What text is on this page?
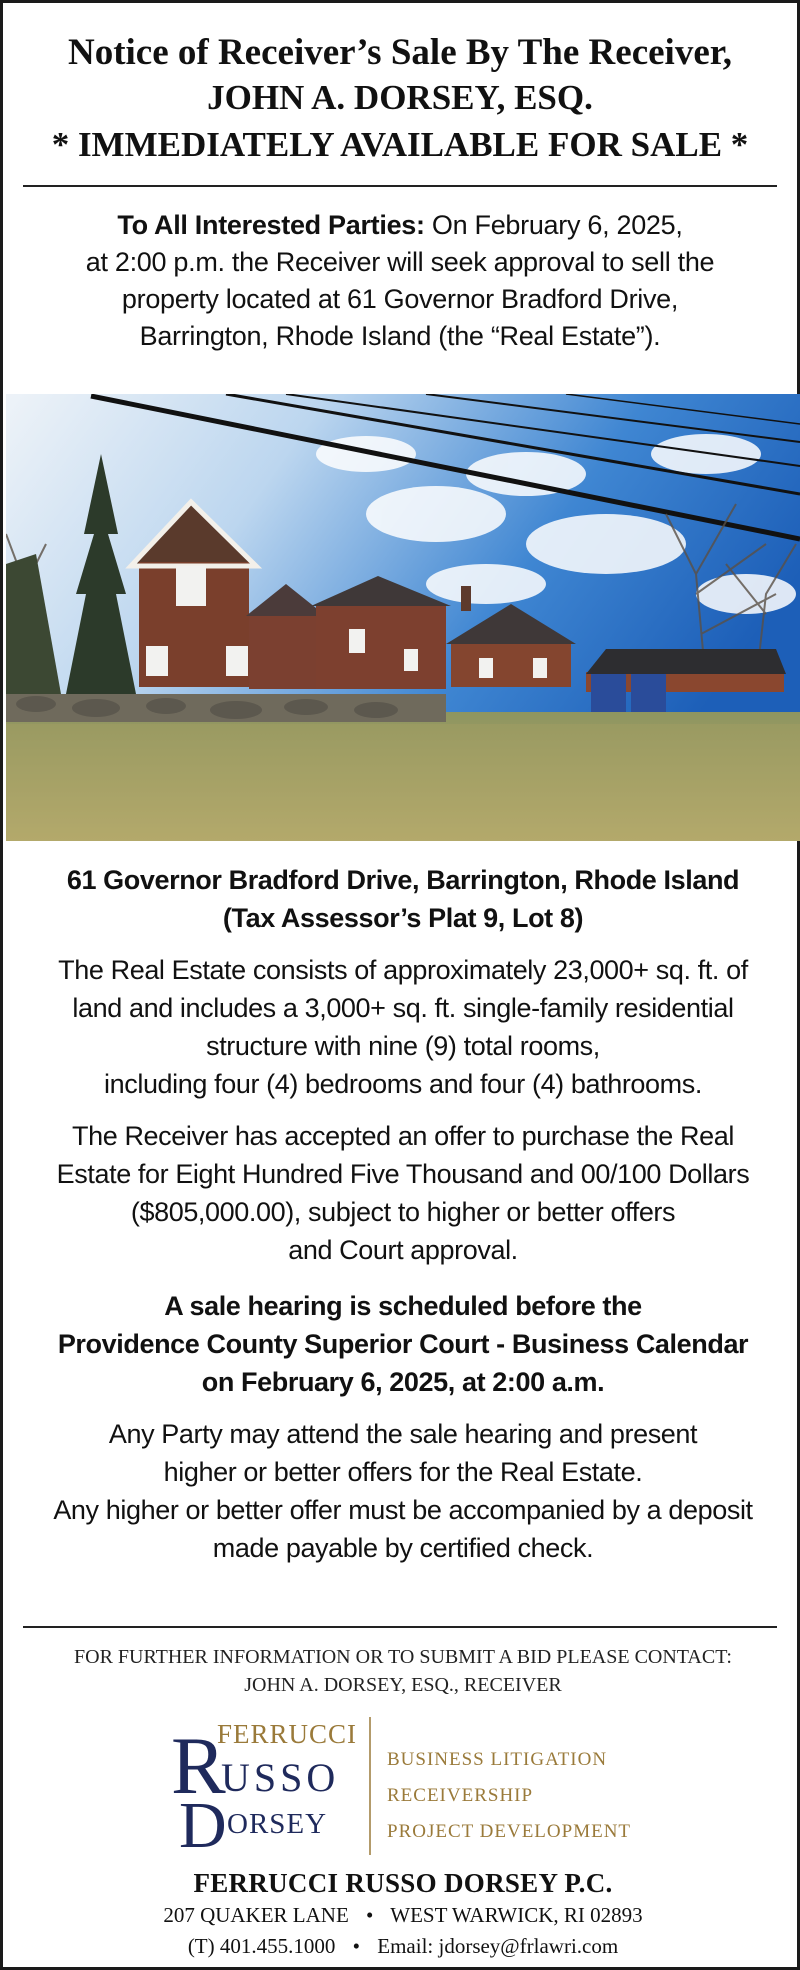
Notice of Receiver’s Sale By The Receiver,
JOHN A. DORSEY, ESQ.
* IMMEDIATELY AVAILABLE FOR SALE *
To All Interested Parties: On February 6, 2025,
at 2:00 p.m. the Receiver will seek approval to sell the
property located at 61 Governor Bradford Drive,
Barrington, Rhode Island (the “Real Estate”).
61 Governor Bradford Drive, Barrington, Rhode Island
(Tax Assessor’s Plat 9, Lot 8)
The Real Estate consists of approximately 23,000+ sq. ft. of
land and includes a 3,000+ sq. ft. single-family residential
structure with nine (9) total rooms,
including four (4) bedrooms and four (4) bathrooms.
The Receiver has accepted an offer to purchase the Real
Estate for Eight Hundred Five Thousand and 00/100 Dollars
($805,000.00), subject to higher or better offers
and Court approval.
A sale hearing is scheduled before the
Providence County Superior Court - Business Calendar
on February 6, 2025, at 2:00 a.m.
Any Party may attend the sale hearing and present
higher or better offers for the Real Estate.
Any higher or better offer must be accompanied by a deposit
made payable by certified check.
FOR FURTHER INFORMATION OR TO SUBMIT A BID PLEASE CONTACT:
JOHN A. DORSEY, ESQ., RECEIVER
R
FERRUCCI
USSO
D ORSEY
BUSINESS LITIGATION
RECEIVERSHIP
PROJECT DEVELOPMENT
FERRUCCI RUSSO DORSEY P.C.
207 QUAKER LANE • WEST WARWICK, RI 02893
(T) 401.455.1000 • Email: jdorsey@frlawri.com
